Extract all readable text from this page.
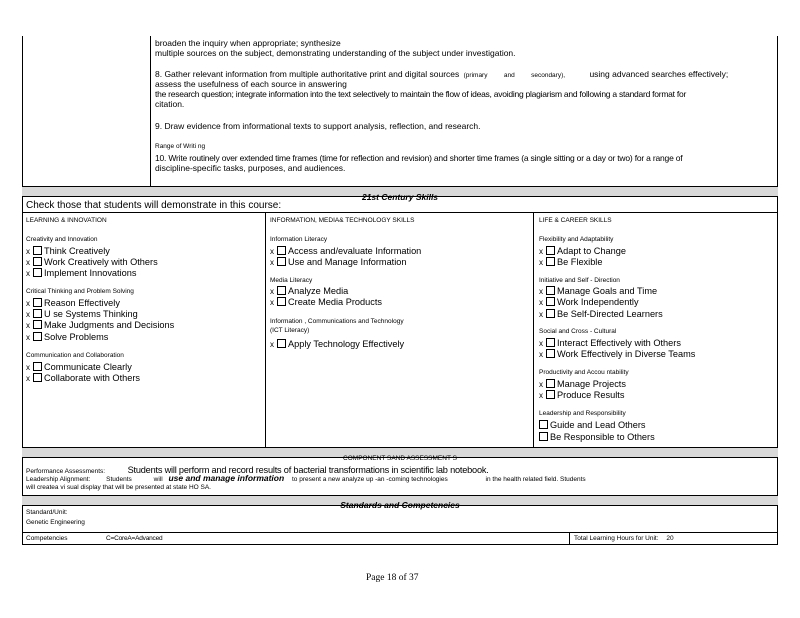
broaden the inquiry when appropriate; synthesize
multiple sources on the subject, demonstrating understanding of the subject under investigation.
8. Gather relevant information from multiple authoritative print and digital sources (primary	and	secondary),	using advanced searches effectively;
assess the usefulness of each source in answering
the research question; integrate information into the text selectively to maintain the flow of ideas, avoiding plagiarism and following a standard format for
citation.
9. Draw evidence from informational texts to support analysis, reflection, and research.
Range of Writi ng
10. Write routinely over extended time frames (time for reflection and revision) and shorter time frames (a single sitting or a day or two) for a range of
discipline-specific tasks, purposes, and audiences.
21st Century Skills
Check those that students will demonstrate in this course:
LEARNING & INNOVATION
Creativity and Innovation
x Think Creatively
x Work Creatively with Others
x Implement Innovations
Critical Thinking and Problem Solving
x Reason Effectively
x U se Systems Thinking
x Make Judgments and Decisions
x Solve Problems
Communication and Collaboration
x Communicate Clearly
x Collaborate with Others
INFORMATION, MEDIA& TECHNOLOGY SKILLS
Information Literacy
x Access and/evaluate Information
x Use and Manage Information
Media Literacy
x Analyze Media
x Create Media Products
Information , Communications and Technology
(ICT Literacy)
x Apply Technology Effectively
LIFE & CAREER SKILLS
Flexibility and Adaptability
x Adapt to Change
x Be Flexible
Initiative and Self - Direction
x Manage Goals and Time
x Work Independently
x Be Self-Directed Learners
Social and Cross - Cultural
x Interact Effectively with Others
x Work Effectively in Diverse Teams
Productivity and Accou ntability
x Manage Projects
x Produce Results
Leadership and Responsibility
Guide and Lead Others
Be Responsible to Others
COMPONENT SAND ASSESSMENT S
Performance Assessments: Students will perform and record results of bacterial transformations in scientific lab notebook.
Leadership Alignment: Students	will use and manage information to present a new analyze up -an -coming technologies	in the health related field. Students
will createa vi sual display that will be presented at state HO SA.
Standards and Competencies
Standard/Unit:
Genetic Engineering
Competencies	C=CoreA=Advanced	Total Learning Hours for Unit: 20
Page 18 of 37
